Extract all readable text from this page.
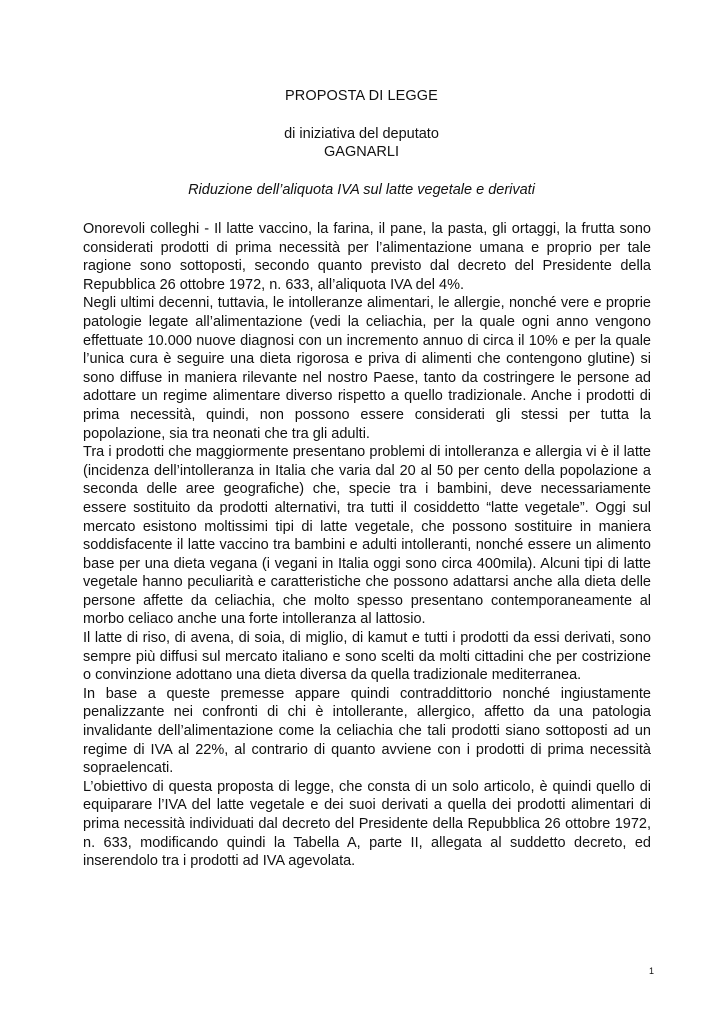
PROPOSTA DI LEGGE
di iniziativa del deputato
GAGNARLI
Riduzione dell’aliquota IVA sul latte vegetale e derivati

Onorevoli colleghi - Il latte vaccino, la farina, il pane, la pasta, gli ortaggi, la frutta sono considerati prodotti di prima necessità per l’alimentazione umana e proprio per tale ragione sono sottoposti, secondo quanto previsto dal decreto del Presidente della Repubblica 26 ottobre 1972, n. 633, all’aliquota IVA del 4%.

Negli ultimi decenni, tuttavia, le intolleranze alimentari, le allergie, nonché vere e proprie patologie legate all’alimentazione (vedi la celiachia, per la quale ogni anno vengono effettuate 10.000 nuove diagnosi con un incremento annuo di circa il 10% e per la quale l’unica cura è seguire una dieta rigorosa e priva di alimenti che contengono glutine) si sono diffuse in maniera rilevante nel nostro Paese, tanto da costringere le persone ad adottare un regime alimentare diverso rispetto a quello tradizionale. Anche i prodotti di prima necessità, quindi, non possono essere considerati gli stessi per tutta la popolazione, sia tra neonati che tra gli adulti.

Tra i prodotti che maggiormente presentano problemi di intolleranza e allergia vi è il latte (incidenza dell’intolleranza in Italia che varia dal 20 al 50 per cento della popolazione a seconda delle aree geografiche) che, specie tra i bambini, deve necessariamente essere sostituito da prodotti alternativi, tra tutti il cosiddetto “latte vegetale”. Oggi sul mercato esistono moltissimi tipi di latte vegetale, che possono sostituire in maniera soddisfacente il latte vaccino tra bambini e adulti intolleranti, nonché essere un alimento base per una dieta vegana (i vegani in Italia oggi sono circa 400mila). Alcuni tipi di latte vegetale hanno peculiarità e caratteristiche che possono adattarsi anche alla dieta delle persone affette da celiachia, che molto spesso presentano contemporaneamente al morbo celiaco anche una forte intolleranza al lattosio.

Il latte di riso, di avena, di soia, di miglio, di kamut e tutti i prodotti da essi derivati, sono sempre più diffusi sul mercato italiano e sono scelti da molti cittadini che per costrizione o convinzione adottano una dieta diversa da quella tradizionale mediterranea.

In base a queste premesse appare quindi contraddittorio nonché ingiustamente penalizzante nei confronti di chi è intollerante, allergico, affetto da una patologia invalidante dell’alimentazione come la celiachia che tali prodotti siano sottoposti ad un regime di IVA al 22%, al contrario di quanto avviene con i prodotti di prima necessità sopraelencati.

L’obiettivo di questa proposta di legge, che consta di un solo articolo, è quindi quello di equiparare l’IVA del latte vegetale e dei suoi derivati a quella dei prodotti alimentari di prima necessità individuati dal decreto del Presidente della Repubblica 26 ottobre 1972, n. 633, modificando quindi la Tabella A, parte II, allegata al suddetto decreto, ed inserendolo tra i prodotti ad IVA agevolata.

1
